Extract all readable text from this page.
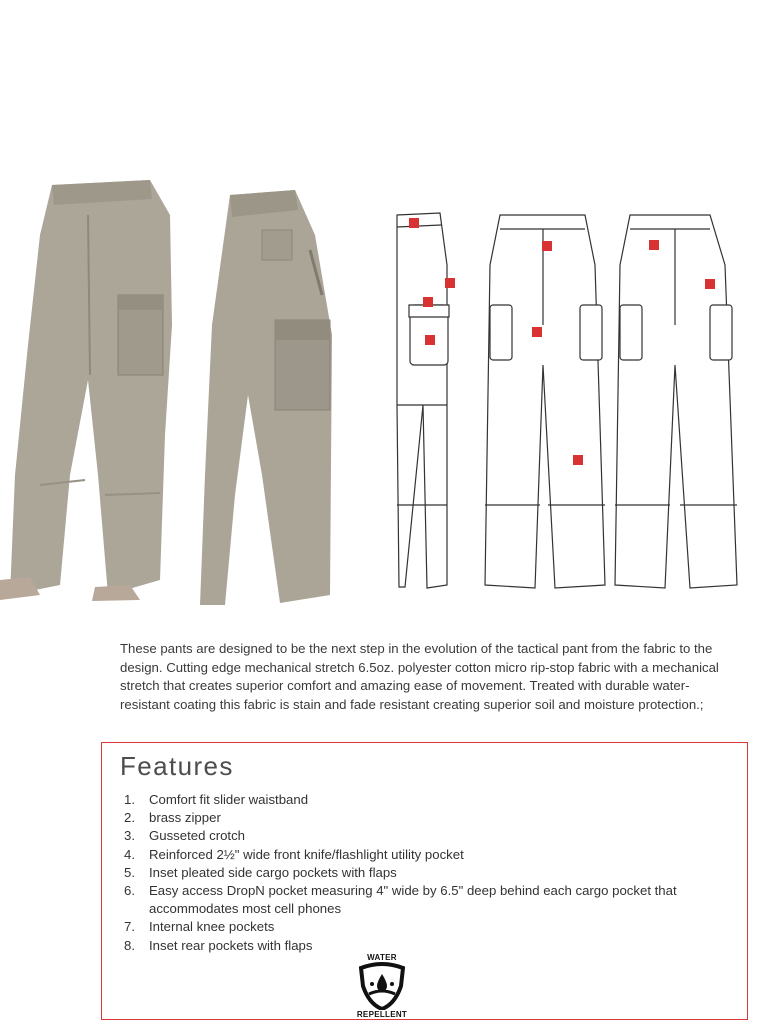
These pants are designed to be the next step in the evolution of the tactical pant from the fabric to the design. Cutting edge mechanical stretch 6.5oz. polyester cotton micro rip-stop fabric with a mechanical stretch that creates superior comfort and amazing ease of movement. Treated with durable water-resistant coating this fabric is stain and fade resistant creating superior soil and moisture protection.;

Features
1.	Comfort fit slider waistband
2.	brass zipper
3.	Gusseted crotch
4.	Reinforced 2½" wide front knife/flashlight utility pocket
5.	Inset pleated side cargo pockets with flaps
6.	Easy access DropN pocket measuring 4" wide by 6.5" deep behind each cargo pocket that accommodates most cell phones
7.	Internal knee pockets
8.	Inset rear pockets with flaps
WATER
REPELLENT
